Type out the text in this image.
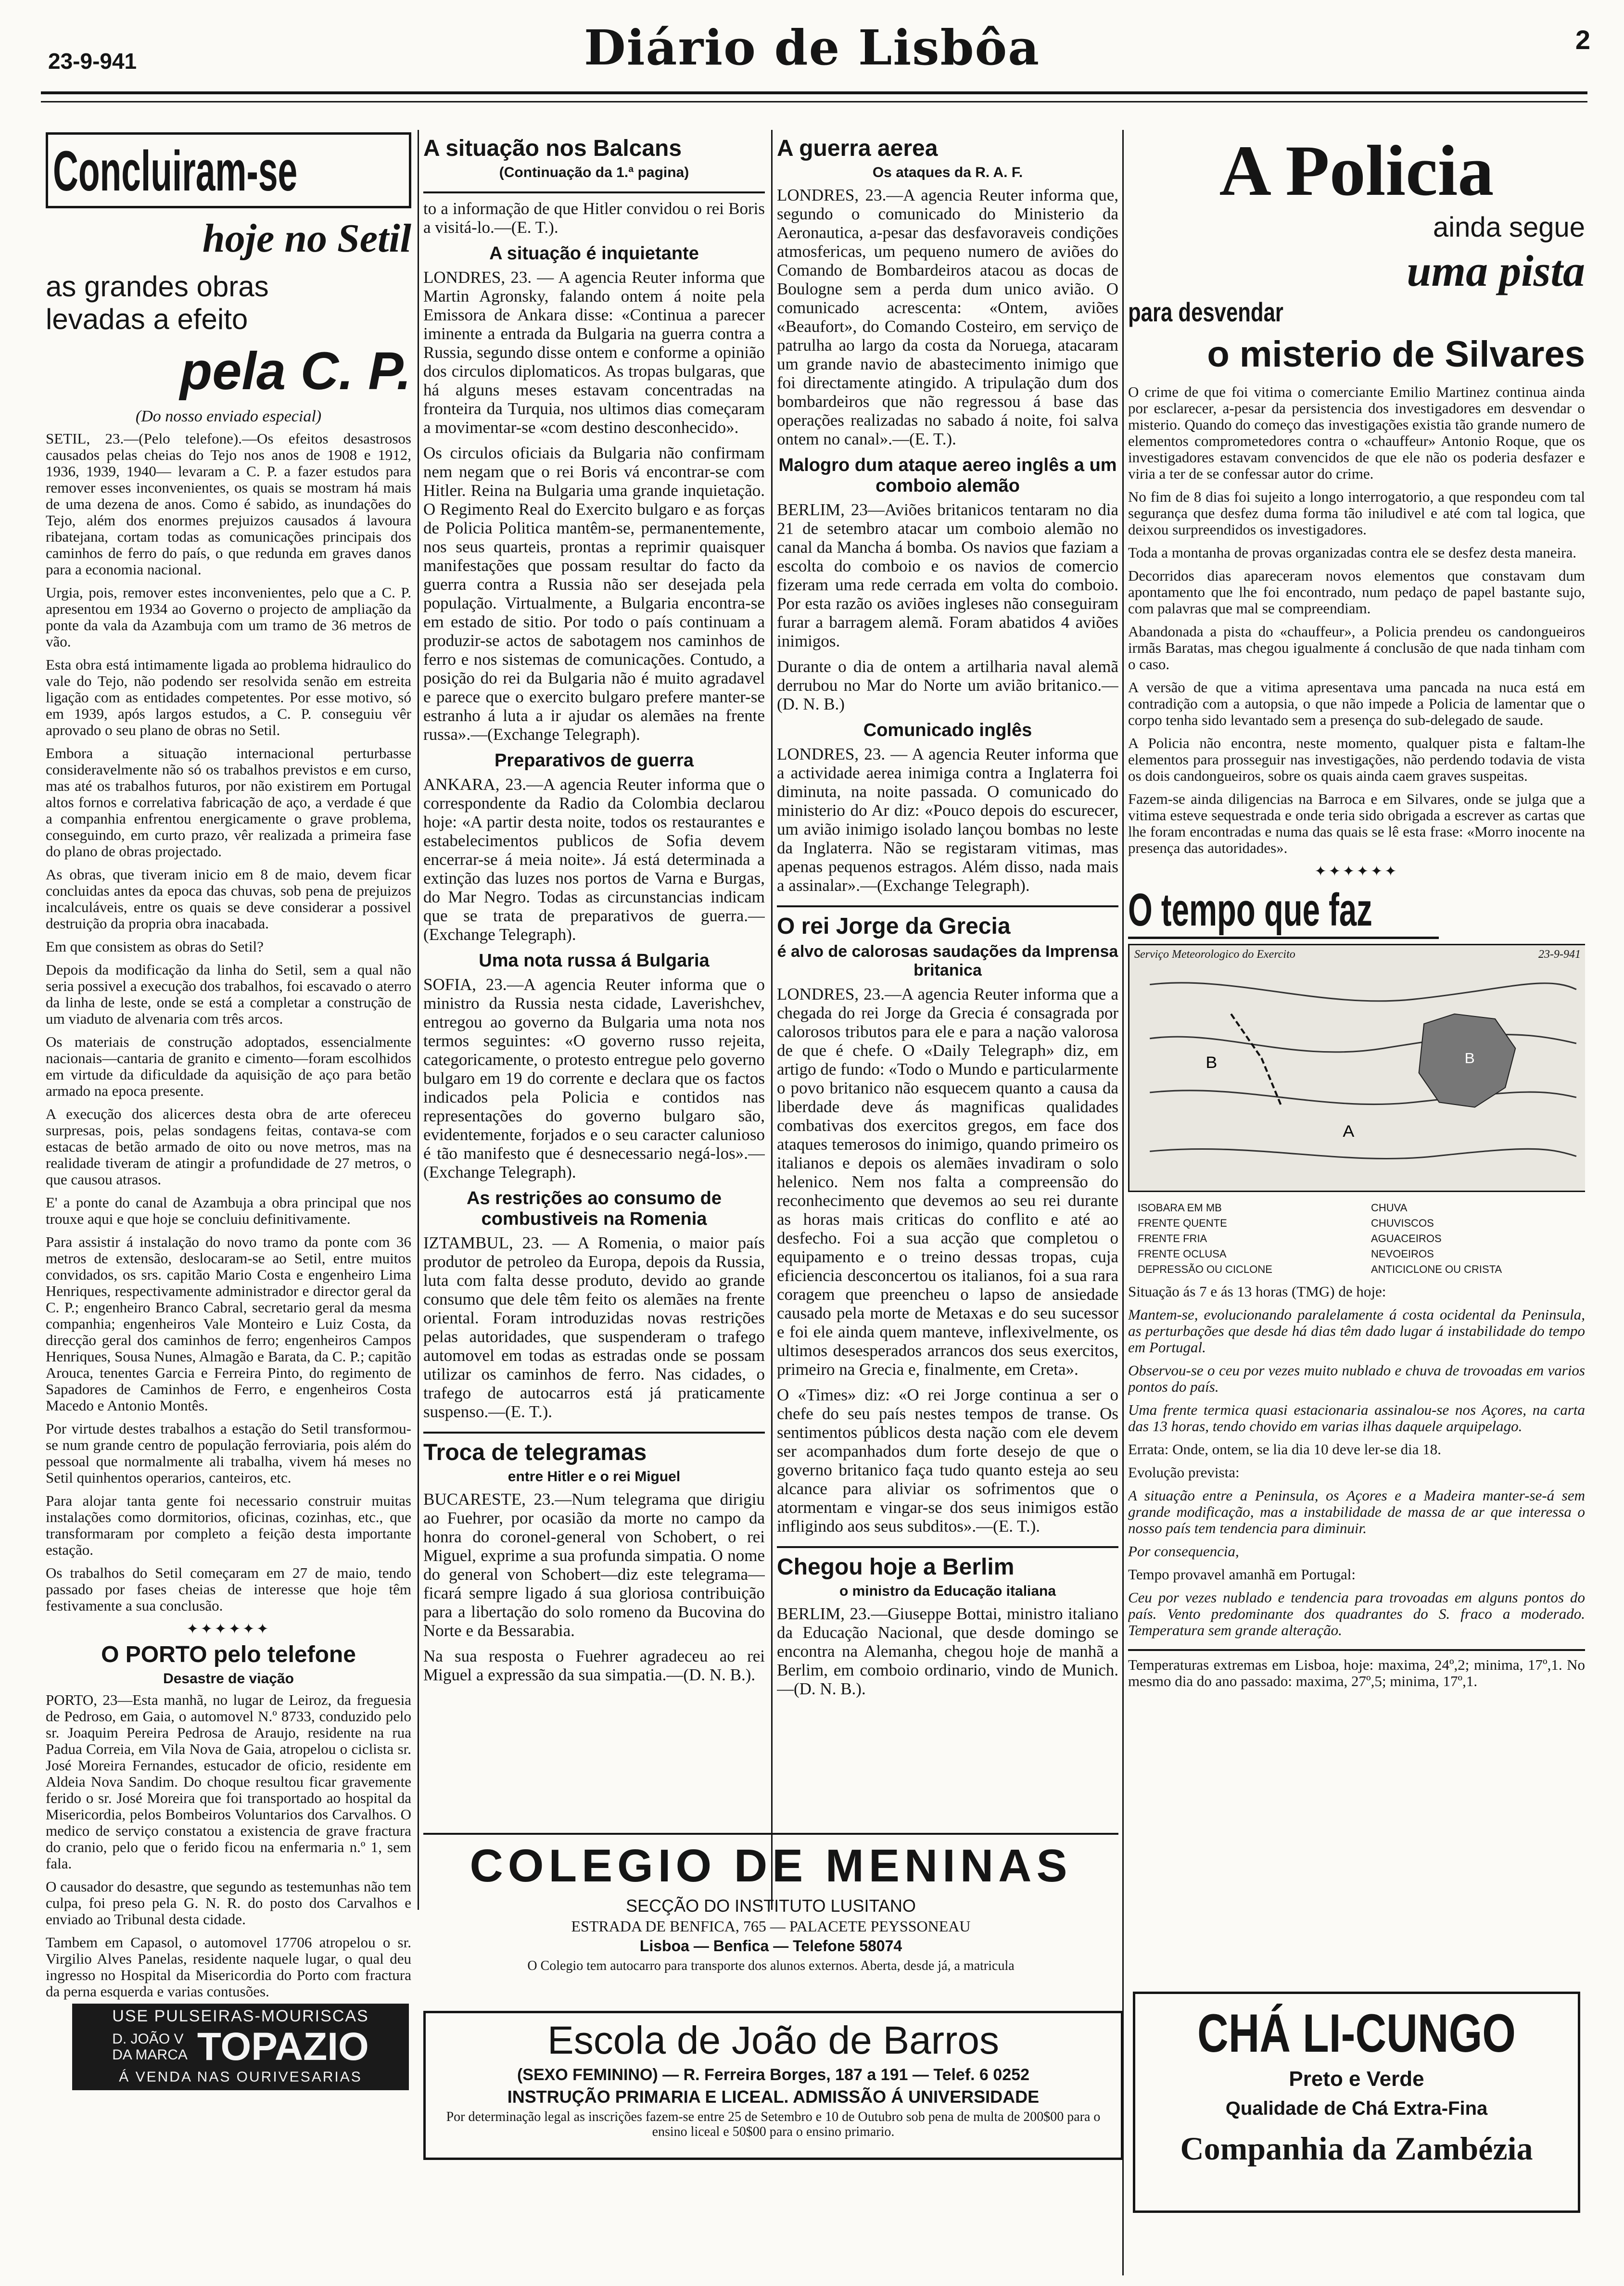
23-9-941	Diário de Lisbôa	2
Concluiram-se
hoje no Setil
as grandes obras
levadas a efeito
pela C. P.
(Do nosso enviado especial)

SETIL, 23.—(Pelo telefone).—Os efeitos desastrosos causados pelas cheias do Tejo nos anos de 1908 e 1912, 1936, 1939, 1940— levaram a C. P. a fazer estudos para remover esses inconvenientes, os quais se mostram há mais de uma dezena de anos. Como é sabido, as inundações do Tejo, além dos enormes prejuizos causados á lavoura ribatejana, cortam todas as comunicações principais dos caminhos de ferro do país, o que redunda em graves danos para a economia nacional.

Urgia, pois, remover estes inconvenientes, pelo que a C. P. apresentou em 1934 ao Governo o projecto de ampliação da ponte da vala da Azambuja com um tramo de 36 metros de vão.

Esta obra está intimamente ligada ao problema hidraulico do vale do Tejo, não podendo ser resolvida senão em estreita ligação com as entidades competentes. Por esse motivo, só em 1939, após largos estudos, a C. P. conseguiu vêr aprovado o seu plano de obras no Setil.

Embora a situação internacional perturbasse consideravelmente não só os trabalhos previstos e em curso, mas até os trabalhos futuros, por não existirem em Portugal altos fornos e correlativa fabricação de aço, a verdade é que a companhia enfrentou energicamente o grave problema, conseguindo, em curto prazo, vêr realizada a primeira fase do plano de obras projectado.

As obras, que tiveram inicio em 8 de maio, devem ficar concluidas antes da epoca das chuvas, sob pena de prejuizos incalculáveis, entre os quais se deve considerar a possivel destruição da propria obra inacabada.

Em que consistem as obras do Setil?

Depois da modificação da linha do Setil, sem a qual não seria possivel a execução dos trabalhos, foi escavado o aterro da linha de leste, onde se está a completar a construção de um viaduto de alvenaria com três arcos.

Os materiais de construção adoptados, essencialmente nacionais—cantaria de granito e cimento—foram escolhidos em virtude da dificuldade da aquisição de aço para betão armado na epoca presente.

A execução dos alicerces desta obra de arte ofereceu surpresas, pois, pelas sondagens feitas, contava-se com estacas de betão armado de oito ou nove metros, mas na realidade tiveram de atingir a profundidade de 27 metros, o que causou atrasos.

E' a ponte do canal de Azambuja a obra principal que nos trouxe aqui e que hoje se concluiu definitivamente.

Para assistir á instalação do novo tramo da ponte com 36 metros de extensão, deslocaram-se ao Setil, entre muitos convidados, os srs. capitão Mario Costa e engenheiro Lima Henriques, respectivamente administrador e director geral da C. P.; engenheiro Branco Cabral, secretario geral da mesma companhia; engenheiros Vale Monteiro e Luiz Costa, da direcção geral dos caminhos de ferro; engenheiros Campos Henriques, Sousa Nunes, Almagão e Barata, da C. P.; capitão Arouca, tenentes Garcia e Ferreira Pinto, do regimento de Sapadores de Caminhos de Ferro, e engenheiros Costa Macedo e Antonio Montês.

Por virtude destes trabalhos a estação do Setil transformou-se num grande centro de população ferroviaria, pois além do pessoal que normalmente ali trabalha, vivem há meses no Setil quinhentos operarios, canteiros, etc.

Para alojar tanta gente foi necessario construir muitas instalações como dormitorios, oficinas, cozinhas, etc., que transformaram por completo a feição desta importante estação.

Os trabalhos do Setil começaram em 27 de maio, tendo passado por fases cheias de interesse que hoje têm festivamente a sua conclusão.

✦✦✦✦✦✦
O PORTO pelo telefone
Desastre de viação

PORTO, 23—Esta manhã, no lugar de Leiroz, da freguesia de Pedroso, em Gaia, o automovel N.º 8733, conduzido pelo sr. Joaquim Pereira Pedrosa de Araujo, residente na rua Padua Correia, em Vila Nova de Gaia, atropelou o ciclista sr. José Moreira Fernandes, estucador de oficio, residente em Aldeia Nova Sandim. Do choque resultou ficar gravemente ferido o sr. José Moreira que foi transportado ao hospital da Misericordia, pelos Bombeiros Voluntarios dos Carvalhos. O medico de serviço constatou a existencia de grave fractura do cranio, pelo que o ferido ficou na enfermaria n.º 1, sem fala.

O causador do desastre, que segundo as testemunhas não tem culpa, foi preso pela G. N. R. do posto dos Carvalhos e enviado ao Tribunal desta cidade.

Tambem em Capasol, o automovel 17706 atropelou o sr. Virgilio Alves Panelas, residente naquele lugar, o qual deu ingresso no Hospital da Misericordia do Porto com fractura da perna esquerda e varias contusões.

USE PULSEIRAS-MOURISCAS
D. JOÃO V
DA MARCA TOPAZIO
Á VENDA NAS OURIVESARIAS
A situação nos Balcans
(Continuação da 1.ª pagina)

to a informação de que Hitler convidou o rei Boris a visitá-lo.—(E. T.).

A situação é inquietante

LONDRES, 23. — A agencia Reuter informa que Martin Agronsky, falando ontem á noite pela Emissora de Ankara disse: «Continua a parecer iminente a entrada da Bulgaria na guerra contra a Russia, segundo disse ontem e conforme a opinião dos circulos diplomaticos. As tropas bulgaras, que há alguns meses estavam concentradas na fronteira da Turquia, nos ultimos dias começaram a movimentar-se «com destino desconhecido».

Os circulos oficiais da Bulgaria não confirmam nem negam que o rei Boris vá encontrar-se com Hitler. Reina na Bulgaria uma grande inquietação. O Regimento Real do Exercito bulgaro e as forças de Policia Politica mantêm-se, permanentemente, nos seus quarteis, prontas a reprimir quaisquer manifestações que possam resultar do facto da guerra contra a Russia não ser desejada pela população. Virtualmente, a Bulgaria encontra-se em estado de sitio. Por todo o país continuam a produzir-se actos de sabotagem nos caminhos de ferro e nos sistemas de comunicações. Contudo, a posição do rei da Bulgaria não é muito agradavel e parece que o exercito bulgaro prefere manter-se estranho á luta a ir ajudar os alemães na frente russa».—(Exchange Telegraph).

Preparativos de guerra

ANKARA, 23.—A agencia Reuter informa que o correspondente da Radio da Colombia declarou hoje: «A partir desta noite, todos os restaurantes e estabelecimentos publicos de Sofia devem encerrar-se á meia noite». Já está determinada a extinção das luzes nos portos de Varna e Burgas, do Mar Negro. Todas as circunstancias indicam que se trata de preparativos de guerra.—(Exchange Telegraph).

Uma nota russa á Bulgaria

SOFIA, 23.—A agencia Reuter informa que o ministro da Russia nesta cidade, Laverishchev, entregou ao governo da Bulgaria uma nota nos termos seguintes: «O governo russo rejeita, categoricamente, o protesto entregue pelo governo bulgaro em 19 do corrente e declara que os factos indicados pela Policia e contidos nas representações do governo bulgaro são, evidentemente, forjados e o seu caracter calunioso é tão manifesto que é desnecessario negá-los».—(Exchange Telegraph).

As restrições ao consumo de combustiveis na Romenia

IZTAMBUL, 23. — A Romenia, o maior país produtor de petroleo da Europa, depois da Russia, luta com falta desse produto, devido ao grande consumo que dele têm feito os alemães na frente oriental. Foram introduzidas novas restrições pelas autoridades, que suspenderam o trafego automovel em todas as estradas onde se possam utilizar os caminhos de ferro. Nas cidades, o trafego de autocarros está já praticamente suspenso.—(E. T.).

Troca de telegramas
entre Hitler e o rei Miguel

BUCARESTE, 23.—Num telegrama que dirigiu ao Fuehrer, por ocasião da morte no campo da honra do coronel-general von Schobert, o rei Miguel, exprime a sua profunda simpatia. O nome do general von Schobert—diz este telegrama—ficará sempre ligado á sua gloriosa contribuição para a libertação do solo romeno da Bucovina do Norte e da Bessarabia.

Na sua resposta o Fuehrer agradeceu ao rei Miguel a expressão da sua simpatia.—(D. N. B.).

A guerra aerea
Os ataques da R. A. F.

LONDRES, 23.—A agencia Reuter informa que, segundo o comunicado do Ministerio da Aeronautica, a-pesar das desfavoraveis condições atmosfericas, um pequeno numero de aviões do Comando de Bombardeiros atacou as docas de Boulogne sem a perda dum unico avião. O comunicado acrescenta: «Ontem, aviões «Beaufort», do Comando Costeiro, em serviço de patrulha ao largo da costa da Noruega, atacaram um grande navio de abastecimento inimigo que foi directamente atingido. A tripulação dum dos bombardeiros que não regressou á base das operações realizadas no sabado á noite, foi salva ontem no canal».—(E. T.).

Malogro dum ataque aereo inglês a um comboio alemão

BERLIM, 23—Aviões britanicos tentaram no dia 21 de setembro atacar um comboio alemão no canal da Mancha á bomba. Os navios que faziam a escolta do comboio e os navios de comercio fizeram uma rede cerrada em volta do comboio. Por esta razão os aviões ingleses não conseguiram furar a barragem alemã. Foram abatidos 4 aviões inimigos.

Durante o dia de ontem a artilharia naval alemã derrubou no Mar do Norte um avião britanico.—(D. N. B.)

Comunicado inglês

LONDRES, 23. — A agencia Reuter informa que a actividade aerea inimiga contra a Inglaterra foi diminuta, na noite passada. O comunicado do ministerio do Ar diz: «Pouco depois do escurecer, um avião inimigo isolado lançou bombas no leste da Inglaterra. Não se registaram vitimas, mas apenas pequenos estragos. Além disso, nada mais a assinalar».—(Exchange Telegraph).

O rei Jorge da Grecia
é alvo de calorosas saudações da Imprensa britanica

LONDRES, 23.—A agencia Reuter informa que a chegada do rei Jorge da Grecia é consagrada por calorosos tributos para ele e para a nação valorosa de que é chefe. O «Daily Telegraph» diz, em artigo de fundo: «Todo o Mundo e particularmente o povo britanico não esquecem quanto a causa da liberdade deve ás magnificas qualidades combativas dos exercitos gregos, em face dos ataques temerosos do inimigo, quando primeiro os italianos e depois os alemães invadiram o solo helenico. Nem nos falta a compreensão do reconhecimento que devemos ao seu rei durante as horas mais criticas do conflito e até ao desfecho. Foi a sua acção que completou o equipamento e o treino dessas tropas, cuja eficiencia desconcertou os italianos, foi a sua rara coragem que preencheu o lapso de ansiedade causado pela morte de Metaxas e do seu sucessor e foi ele ainda quem manteve, inflexivelmente, os ultimos desesperados arrancos dos seus exercitos, primeiro na Grecia e, finalmente, em Creta».

O «Times» diz: «O rei Jorge continua a ser o chefe do seu país nestes tempos de transe. Os sentimentos públicos desta nação com ele devem ser acompanhados dum forte desejo de que o governo britanico faça tudo quanto esteja ao seu alcance para aliviar os sofrimentos que o atormentam e vingar-se dos seus inimigos estão infligindo aos seus subditos».—(E. T.).

Chegou hoje a Berlim
o ministro da Educação italiana

BERLIM, 23.—Giuseppe Bottai, ministro italiano da Educação Nacional, que desde domingo se encontra na Alemanha, chegou hoje de manhã a Berlim, em comboio ordinario, vindo de Munich.—(D. N. B.).

A Policia
ainda segue
uma pista
para desvendar
o misterio de Silvares

O crime de que foi vitima o comerciante Emilio Martinez continua ainda por esclarecer, a-pesar da persistencia dos investigadores em desvendar o misterio. Quando do começo das investigações existia tão grande numero de elementos comprometedores contra o «chauffeur» Antonio Roque, que os investigadores estavam convencidos de que ele não os poderia desfazer e viria a ter de se confessar autor do crime.

No fim de 8 dias foi sujeito a longo interrogatorio, a que respondeu com tal segurança que desfez duma forma tão iniludivel e até com tal logica, que deixou surpreendidos os investigadores.

Toda a montanha de provas organizadas contra ele se desfez desta maneira.

Decorridos dias apareceram novos elementos que constavam dum apontamento que lhe foi encontrado, num pedaço de papel bastante sujo, com palavras que mal se compreendiam.

Abandonada a pista do «chauffeur», a Policia prendeu os candongueiros irmãs Baratas, mas chegou igualmente á conclusão de que nada tinham com o caso.

A versão de que a vitima apresentava uma pancada na nuca está em contradição com a autopsia, o que não impede a Policia de lamentar que o corpo tenha sido levantado sem a presença do sub-delegado de saude.

A Policia não encontra, neste momento, qualquer pista e faltam-lhe elementos para prosseguir nas investigações, não perdendo todavia de vista os dois candongueiros, sobre os quais ainda caem graves suspeitas.

Fazem-se ainda diligencias na Barroca e em Silvares, onde se julga que a vitima esteve sequestrada e onde teria sido obrigada a escrever as cartas que lhe foram encontradas e numa das quais se lê esta frase: «Morro inocente na presença das autoridades».

✦✦✦✦✦✦
O tempo que faz
Serviço Meteorologico do Exercito	23-9-941
B
A
B
ISOBARA EM MB	CHUVA
FRENTE QUENTE	CHUVISCOS
FRENTE FRIA	AGUACEIROS
FRENTE OCLUSA	NEVOEIROS
DEPRESSÃO OU CICLONE	ANTICICLONE OU CRISTA

Situação ás 7 e ás 13 horas (TMG) de hoje:

Mantem-se, evolucionando paralelamente á costa ocidental da Peninsula, as perturbações que desde há dias têm dado lugar á instabilidade do tempo em Portugal.

Observou-se o ceu por vezes muito nublado e chuva de trovoadas em varios pontos do país.

Uma frente termica quasi estacionaria assinalou-se nos Açores, na carta das 13 horas, tendo chovido em varias ilhas daquele arquipelago.

Errata: Onde, ontem, se lia dia 10 deve ler-se dia 18.

Evolução prevista:

A situação entre a Peninsula, os Açores e a Madeira manter-se-á sem grande modificação, mas a instabilidade de massa de ar que interessa o nosso país tem tendencia para diminuir.

Por consequencia,

Tempo provavel amanhã em Portugal:

Ceu por vezes nublado e tendencia para trovoadas em alguns pontos do país. Vento predominante dos quadrantes do S. fraco a moderado. Temperatura sem grande alteração.

Temperaturas extremas em Lisboa, hoje: maxima, 24º,2; minima, 17º,1. No mesmo dia do ano passado: maxima, 27º,5; minima, 17º,1.

CHÁ LI-CUNGO
Preto e Verde
Qualidade de Chá Extra-Fina
Companhia da Zambézia
COLEGIO DE MENINAS
SECÇÃO DO INSTITUTO LUSITANO
ESTRADA DE BENFICA, 765 — PALACETE PEYSSONEAU
Lisboa — Benfica — Telefone 58074
O Colegio tem autocarro para transporte dos alunos externos. Aberta, desde já, a matricula
Escola de João de Barros
(SEXO FEMININO) — R. Ferreira Borges, 187 a 191 — Telef. 6 0252
INSTRUÇÃO PRIMARIA E LICEAL. ADMISSÃO Á UNIVERSIDADE
Por determinação legal as inscrições fazem-se entre 25 de Setembro e 10 de Outubro sob pena de multa de 200$00 para o ensino liceal e 50$00 para o ensino primario.
